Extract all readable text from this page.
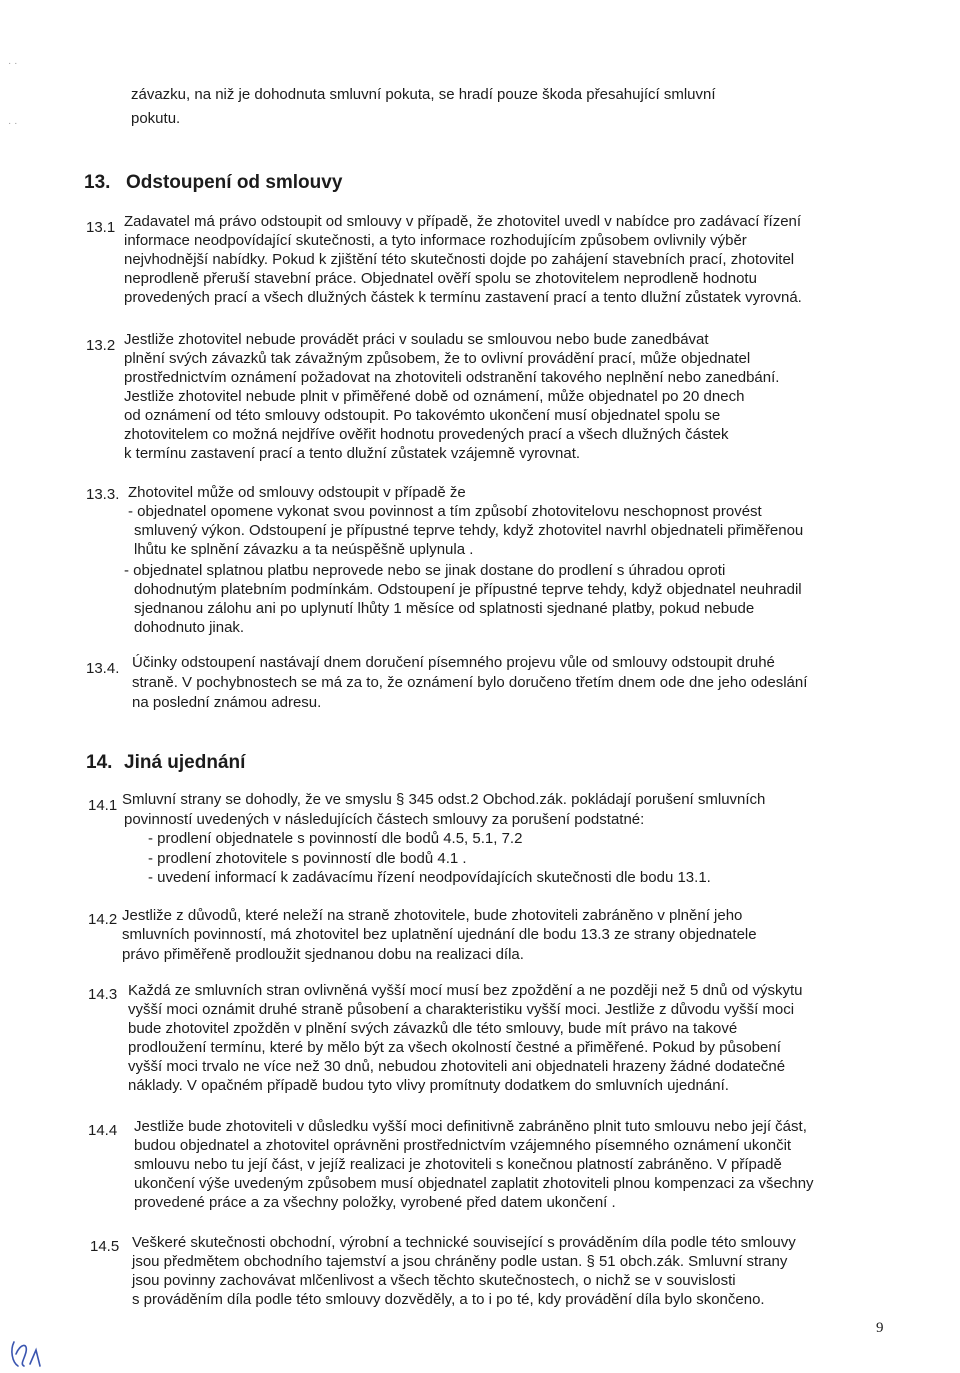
· ·
· ·
závazku, na niž je dohodnuta smluvní pokuta, se hradí pouze škoda přesahující smluvní
pokutu.
13. Odstoupení od smlouvy
13.1 Zadavatel má právo odstoupit od smlouvy v případě, že zhotovitel uvedl v nabídce pro zadávací řízení
informace neodpovídající skutečnosti, a tyto informace rozhodujícím způsobem ovlivnily výběr
nejvhodnější nabídky. Pokud k zjištění této skutečnosti dojde po zahájení stavebních prací, zhotovitel
neprodleně přeruší stavební práce. Objednatel ověří spolu se zhotovitelem neprodleně hodnotu
provedených prací a všech dlužných částek k termínu zastavení prací a tento dlužní zůstatek vyrovná.
13.2 Jestliže zhotovitel nebude provádět práci v souladu se smlouvou nebo bude zanedbávat
plnění svých závazků tak závažným způsobem, že to ovlivní provádění prací, může objednatel
prostřednictvím oznámení požadovat na zhotoviteli odstranění takového neplnění nebo zanedbání.
Jestliže zhotovitel nebude plnit v přiměřené době od oznámení, může objednatel po 20 dnech
od oznámení od této smlouvy odstoupit. Po takovémto ukončení musí objednatel spolu se
zhotovitelem co možná nejdříve ověřit hodnotu provedených prací a všech dlužných částek
k termínu zastavení prací a tento dlužní zůstatek vzájemně vyrovnat.
13.3. Zhotovitel může od smlouvy odstoupit v případě že
- objednatel opomene vykonat svou povinnost a tím způsobí zhotovitelovu neschopnost provést
smluvený výkon. Odstoupení je přípustné teprve tehdy, když zhotovitel navrhl objednateli přiměřenou
lhůtu ke splnění závazku a ta neúspěšně uplynula .
- objednatel splatnou platbu neprovede nebo se jinak dostane do prodlení s úhradou oproti
dohodnutým platebním podmínkám. Odstoupení je přípustné teprve tehdy, když objednatel neuhradil
sjednanou zálohu ani po uplynutí lhůty 1 měsíce od splatnosti sjednané platby, pokud nebude
dohodnuto jinak.
13.4. Účinky odstoupení nastávají dnem doručení písemného projevu vůle od smlouvy odstoupit druhé
straně. V pochybnostech se má za to, že oznámení bylo doručeno třetím dnem ode dne jeho odeslání
na poslední známou adresu.
14. Jiná ujednání
14.1 Smluvní strany se dohodly, že ve smyslu § 345 odst.2 Obchod.zák. pokládají porušení smluvních
povinností uvedených v následujících částech smlouvy za porušení podstatné:
- prodlení objednatele s povinností dle bodů 4.5, 5.1, 7.2
- prodlení zhotovitele s povinností dle bodů 4.1 .
- uvedení informací k zadávacímu řízení neodpovídajících skutečnosti dle bodu 13.1.
14.2 Jestliže z důvodů, které neleží na straně zhotovitele, bude zhotoviteli zabráněno v plnění jeho
smluvních povinností, má zhotovitel bez uplatnění ujednání dle bodu 13.3 ze strany objednatele
právo přiměřeně prodloužit sjednanou dobu na realizaci díla.
14.3 Každá ze smluvních stran ovlivněná vyšší mocí musí bez zpoždění a ne později než 5 dnů od výskytu
vyšší moci oznámit druhé straně působení a charakteristiku vyšší moci. Jestliže z důvodu vyšší moci
bude zhotovitel zpožděn v plnění svých závazků dle této smlouvy, bude mít právo na takové
prodloužení termínu, které by mělo být za všech okolností čestné a přiměřené. Pokud by působení
vyšší moci trvalo ne více než 30 dnů, nebudou zhotoviteli ani objednateli hrazeny žádné dodatečné
náklady. V opačném případě budou tyto vlivy promítnuty dodatkem do smluvních ujednání.
14.4 Jestliže bude zhotoviteli v důsledku vyšší moci definitivně zabráněno plnit tuto smlouvu nebo její část,
budou objednatel a zhotovitel oprávněni prostřednictvím vzájemného písemného oznámení ukončit
smlouvu nebo tu její část, v jejíž realizaci je zhotoviteli s konečnou platností zabráněno. V případě
ukončení výše uvedeným způsobem musí objednatel zaplatit zhotoviteli plnou kompenzaci za všechny
provedené práce a za všechny položky, vyrobené před datem ukončení .
14.5 Veškeré skutečnosti obchodní, výrobní a technické související s prováděním díla podle této smlouvy
jsou předmětem obchodního tajemství a jsou chráněny podle ustan. § 51 obch.zák. Smluvní strany
jsou povinny zachovávat mlčenlivost a všech těchto skutečnostech, o nichž se v souvislosti
s prováděním díla podle této smlouvy dozvěděly, a to i po té, kdy provádění díla bylo skončeno.
9
